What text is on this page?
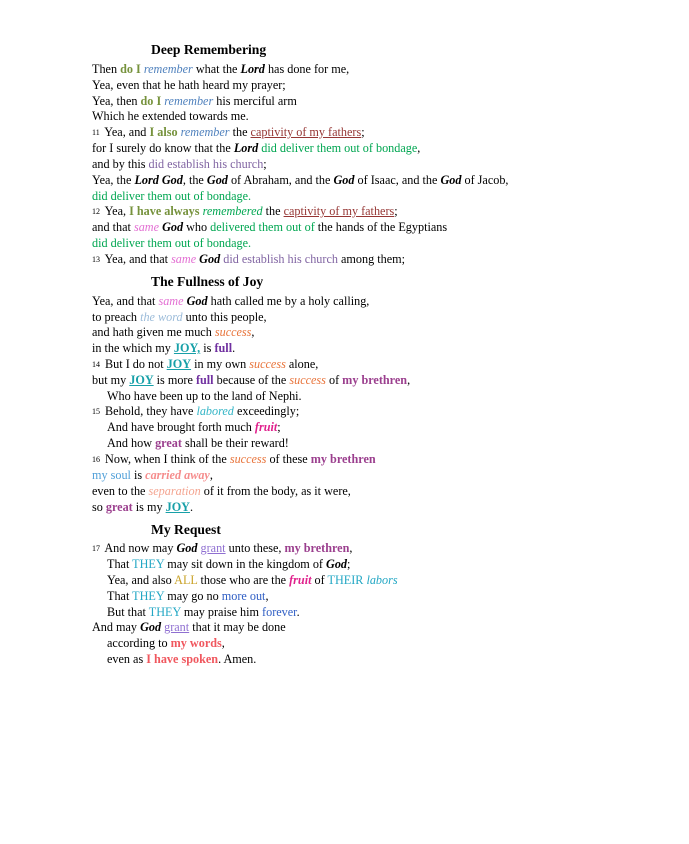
Deep Remembering
Then do I remember what the Lord has done for me,
Yea, even that he hath heard my prayer;
Yea, then do I remember his merciful arm
Which he extended towards me.
11 Yea, and I also remember the captivity of my fathers;
for I surely do know that the Lord did deliver them out of bondage,
and by this did establish his church;
Yea, the Lord God, the God of Abraham, and the God of Isaac, and the God of Jacob,
did deliver them out of bondage.
12 Yea, I have always remembered the captivity of my fathers;
and that same God who delivered them out of the hands of the Egyptians
did deliver them out of bondage.
13 Yea, and that same God did establish his church among them;
The Fullness of Joy
Yea, and that same God hath called me by a holy calling,
to preach the word unto this people,
and hath given me much success,
in the which my JOY, is full.
14 But I do not JOY in my own success alone,
but my JOY is more full because of the success of my brethren,
Who have been up to the land of Nephi.
15 Behold, they have labored exceedingly;
And have brought forth much fruit;
And how great shall be their reward!
16 Now, when I think of the success of these my brethren
my soul is carried away,
even to the separation of it from the body, as it were,
so great is my JOY.
My Request
17 And now may God grant unto these, my brethren,
That THEY may sit down in the kingdom of God;
Yea, and also ALL those who are the fruit of THEIR labors
That THEY may go no more out,
But that THEY may praise him forever.
And may God grant that it may be done
according to my words,
even as I have spoken. Amen.
